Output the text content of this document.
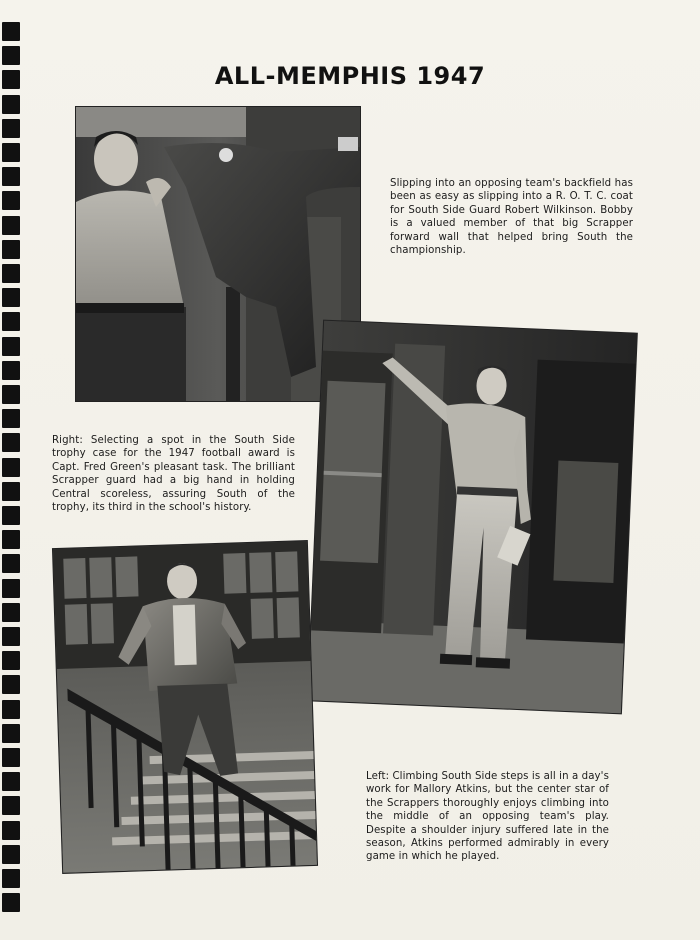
ALL-MEMPHIS 1947
Slipping into an opposing team's backfield has been as easy as slipping into a R. O. T. C. coat for South Side Guard Robert Wilkinson. Bobby is a valued member of that big Scrapper forward wall that helped bring South the championship.
Right: Selecting a spot in the South Side trophy case for the 1947 football award is Capt. Fred Green's pleasant task. The brilliant Scrapper guard had a big hand in holding Central scoreless, assuring South of the trophy, its third in the school's history.
Left: Climbing South Side steps is all in a day's work for Mallory Atkins, but the center star of the Scrappers thoroughly enjoys climbing into the middle of an opposing team's play. Despite a shoulder injury suffered late in the season, Atkins performed admirably in every game in which he played.
